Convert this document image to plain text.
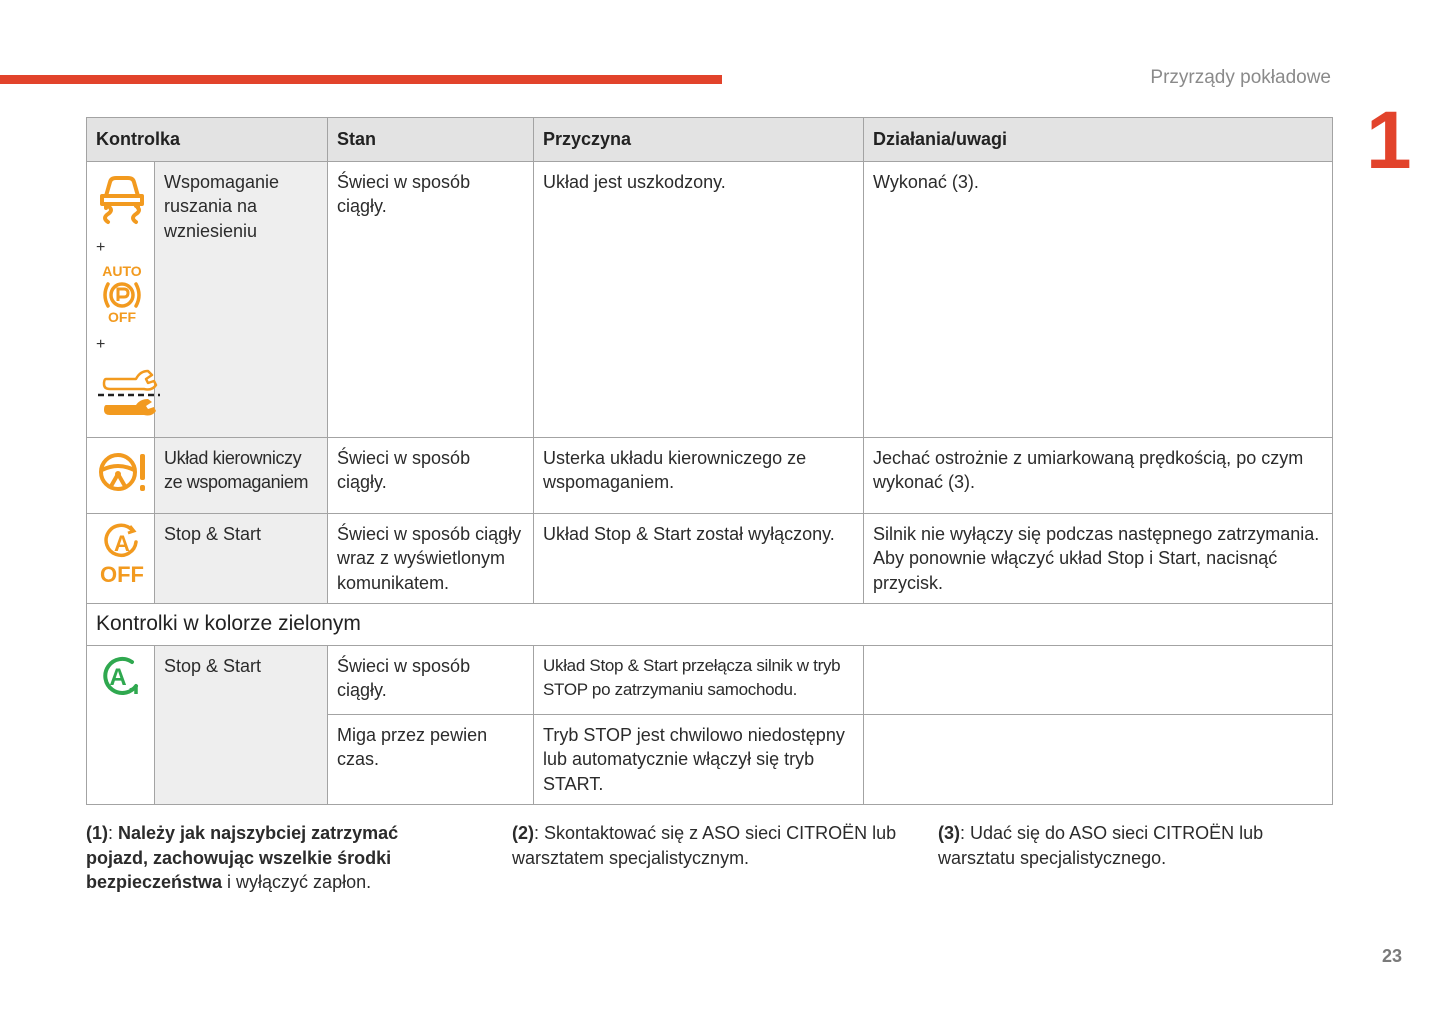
Przyrządy pokładowe
1
Kontrolka		Stan	Przyczyna	Działania/uwagi

+
AUTO
OFF
+	Wspomaganie ruszania na wzniesieniu	Świeci w sposób ciągły.	Układ jest uszkodzony.	Wykonać (3).
	Układ kierowniczy ze wspomaganiem	Świeci w sposób ciągły.	Usterka układu kierowniczego ze wspomaganiem.	Jechać ostrożnie z umiarkowaną prędkością, po czym wykonać (3).

A
OFF	Stop & Start	Świeci w sposób ciągły wraz z wyświetlonym komunikatem.	Układ Stop & Start został wyłączony.	Silnik nie wyłączy się podczas następnego zatrzymania. Aby ponownie włączyć układ Stop i Start, nacisnąć przycisk.
Kontrolki w kolorze zielonym				

A	Stop & Start	Świeci w sposób ciągły.	Układ Stop & Start przełącza silnik w tryb STOP po zatrzymaniu samochodu.	
		Miga przez pewien czas.	Tryb STOP jest chwilowo niedostępny lub automatycznie włączył się tryb START.	
(1): Należy jak najszybciej zatrzymać pojazd, zachowując wszelkie środki bezpieczeństwa i wyłączyć zapłon.
(2): Skontaktować się z ASO sieci CITROËN lub warsztatem specjalistycznym.
(3): Udać się do ASO sieci CITROËN lub warsztatu specjalistycznego.
23
